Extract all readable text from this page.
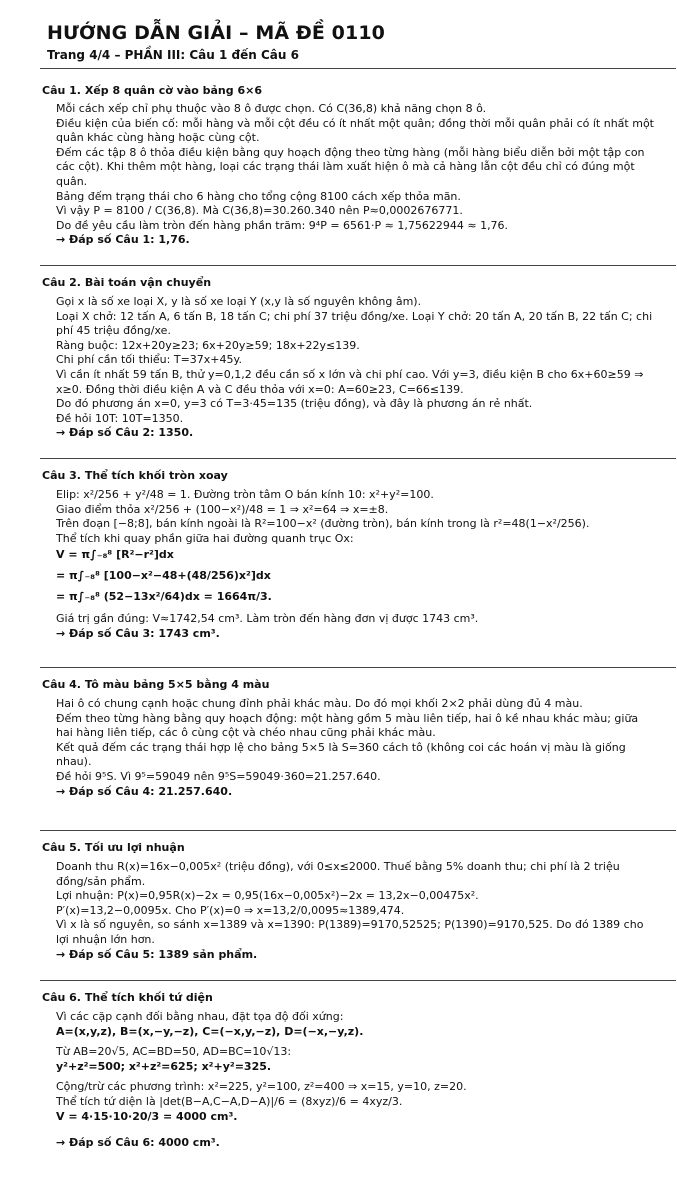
HƯỚNG DẪN GIẢI – MÃ ĐỀ 0110
Trang 4/4 – PHẦN III: Câu 1 đến Câu 6
Câu 1. Xếp 8 quân cờ vào bảng 6×6

Mỗi cách xếp chỉ phụ thuộc vào 8 ô được chọn. Có C(36,8) khả năng chọn 8 ô.

Điều kiện của biến cố: mỗi hàng và mỗi cột đều có ít nhất một quân; đồng thời mỗi quân phải có ít nhất một quân khác cùng hàng hoặc cùng cột.

Đếm các tập 8 ô thỏa điều kiện bằng quy hoạch động theo từng hàng (mỗi hàng biểu diễn bởi một tập con các cột). Khi thêm một hàng, loại các trạng thái làm xuất hiện ô mà cả hàng lẫn cột đều chỉ có đúng một quân.

Bảng đếm trạng thái cho 6 hàng cho tổng cộng 8100 cách xếp thỏa mãn.

Vì vậy P = 8100 / C(36,8). Mà C(36,8)=30.260.340 nên P≈0,0002676771.

Do đề yêu cầu làm tròn đến hàng phần trăm: 9⁴P = 6561·P ≈ 1,75622944 ≈ 1,76.

→ Đáp số Câu 1: 1,76.

Câu 2. Bài toán vận chuyển

Gọi x là số xe loại X, y là số xe loại Y (x,y là số nguyên không âm).

Loại X chở: 12 tấn A, 6 tấn B, 18 tấn C; chi phí 37 triệu đồng/xe. Loại Y chở: 20 tấn A, 20 tấn B, 22 tấn C; chi phí 45 triệu đồng/xe.

Ràng buộc: 12x+20y≥23; 6x+20y≥59; 18x+22y≤139.

Chi phí cần tối thiểu: T=37x+45y.

Vì cần ít nhất 59 tấn B, thử y=0,1,2 đều cần số x lớn và chi phí cao. Với y=3, điều kiện B cho 6x+60≥59 ⇒ x≥0. Đồng thời điều kiện A và C đều thỏa với x=0: A=60≥23, C=66≤139.

Do đó phương án x=0, y=3 có T=3·45=135 (triệu đồng), và đây là phương án rẻ nhất.

Đề hỏi 10T: 10T=1350.

→ Đáp số Câu 2: 1350.

Câu 3. Thể tích khối tròn xoay

Elip: x²/256 + y²/48 = 1. Đường tròn tâm O bán kính 10: x²+y²=100.

Giao điểm thỏa x²/256 + (100−x²)/48 = 1 ⇒ x²=64 ⇒ x=±8.

Trên đoạn [−8;8], bán kính ngoài là R²=100−x² (đường tròn), bán kính trong là r²=48(1−x²/256).

Thể tích khi quay phần giữa hai đường quanh trục Ox:

V = π∫₋₈⁸ [R²−r²]dx

= π∫₋₈⁸ [100−x²−48+(48/256)x²]dx

= π∫₋₈⁸ (52−13x²/64)dx = 1664π/3.

Giá trị gần đúng: V≈1742,54 cm³. Làm tròn đến hàng đơn vị được 1743 cm³.

→ Đáp số Câu 3: 1743 cm³.

Câu 4. Tô màu bảng 5×5 bằng 4 màu

Hai ô có chung cạnh hoặc chung đỉnh phải khác màu. Do đó mọi khối 2×2 phải dùng đủ 4 màu.

Đếm theo từng hàng bằng quy hoạch động: một hàng gồm 5 màu liên tiếp, hai ô kề nhau khác màu; giữa hai hàng liên tiếp, các ô cùng cột và chéo nhau cũng phải khác màu.

Kết quả đếm các trạng thái hợp lệ cho bảng 5×5 là S=360 cách tô (không coi các hoán vị màu là giống nhau).

Đề hỏi 9⁵S. Vì 9⁵=59049 nên 9⁵S=59049·360=21.257.640.

→ Đáp số Câu 4: 21.257.640.

Câu 5. Tối ưu lợi nhuận

Doanh thu R(x)=16x−0,005x² (triệu đồng), với 0≤x≤2000. Thuế bằng 5% doanh thu; chi phí là 2 triệu đồng/sản phẩm.

Lợi nhuận: P(x)=0,95R(x)−2x = 0,95(16x−0,005x²)−2x = 13,2x−0,00475x².

P′(x)=13,2−0,0095x. Cho P′(x)=0 ⇒ x=13,2/0,0095≈1389,474.

Vì x là số nguyên, so sánh x=1389 và x=1390: P(1389)=9170,52525; P(1390)=9170,525. Do đó 1389 cho lợi nhuận lớn hơn.

→ Đáp số Câu 5: 1389 sản phẩm.

Câu 6. Thể tích khối tứ diện

Vì các cặp cạnh đối bằng nhau, đặt tọa độ đối xứng:

A=(x,y,z), B=(x,−y,−z), C=(−x,y,−z), D=(−x,−y,z).

Từ AB=20√5, AC=BD=50, AD=BC=10√13:

y²+z²=500; x²+z²=625; x²+y²=325.

Cộng/trừ các phương trình: x²=225, y²=100, z²=400 ⇒ x=15, y=10, z=20.

Thể tích tứ diện là |det(B−A,C−A,D−A)|/6 = (8xyz)/6 = 4xyz/3.

V = 4·15·10·20/3 = 4000 cm³.

→ Đáp số Câu 6: 4000 cm³.
